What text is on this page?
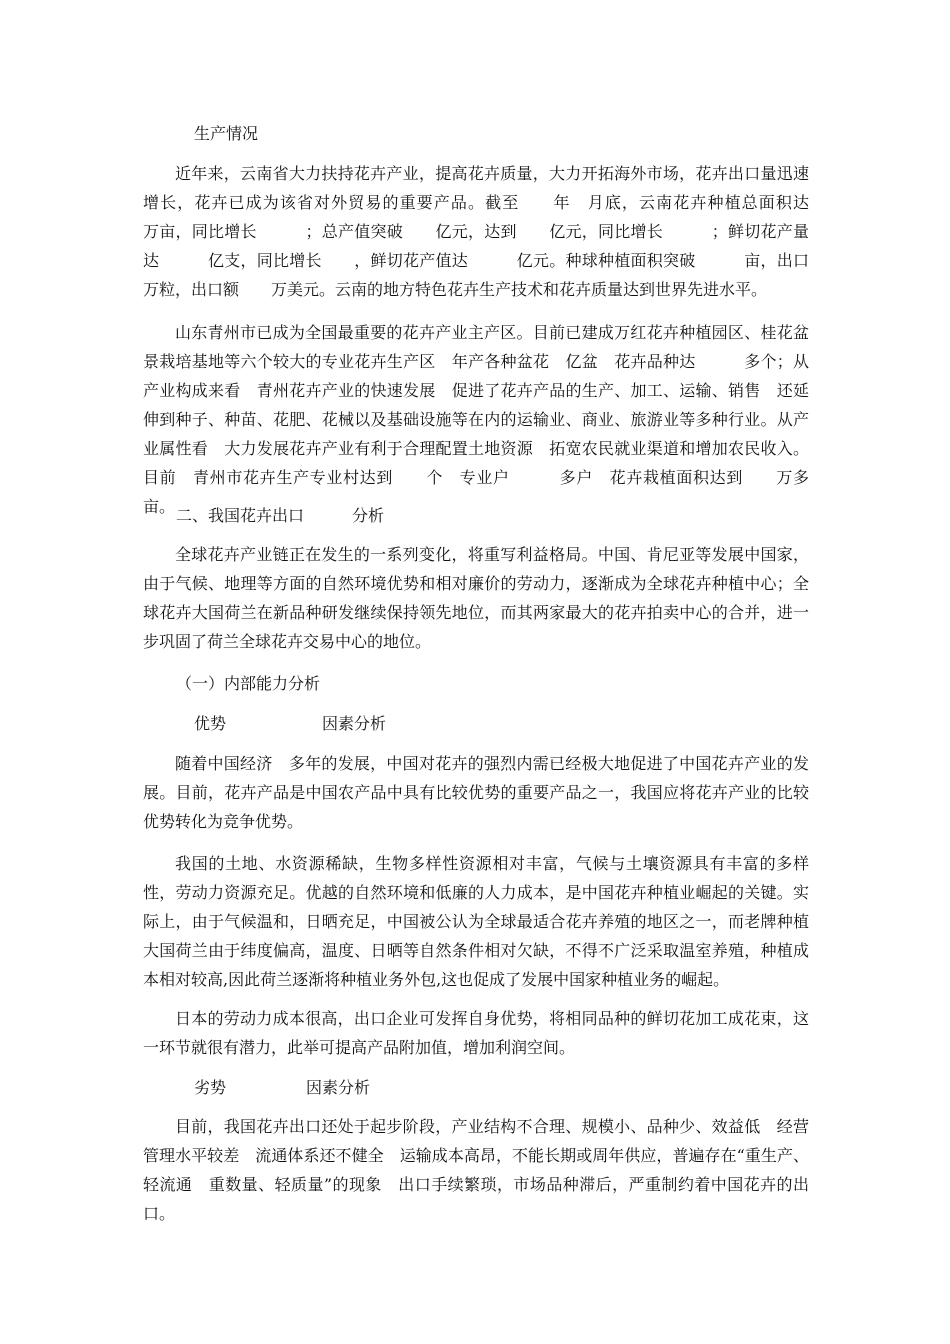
生产情况

近年来，云南省大力扶持花卉产业，提高花卉质量，大力开拓海外市场，花卉出口量迅速增长，花卉已成为该省对外贸易的重要产品。截至　　年　月底，云南花卉种植总面积达　　　万亩，同比增长　　　；总产值突破　　亿元，达到　　亿元，同比增长　　　；鲜切花产量达　　　亿支，同比增长　　，鲜切花产值达　　　亿元。种球种植面积突破　　　亩，出口　　万粒，出口额　　万美元。云南的地方特色花卉生产技术和花卉质量达到世界先进水平。

山东青州市已成为全国最重要的花卉产业主产区。目前已建成万红花卉种植园区、桂花盆景栽培基地等六个较大的专业花卉生产区　年产各种盆花　亿盆　花卉品种达　　　多个；从产业构成来看　青州花卉产业的快速发展　促进了花卉产品的生产、加工、运输、销售　还延伸到种子、种苗、花肥、花械以及基础设施等在内的运输业、商业、旅游业等多种行业。从产业属性看　大力发展花卉产业有利于合理配置土地资源　拓宽农民就业渠道和增加农民收入。目前　青州市花卉生产专业村达到　　个　专业户　　　多户　花卉栽植面积达到　　万多亩。 二、我国花卉出口　　　分析

全球花卉产业链正在发生的一系列变化，将重写利益格局。中国、肯尼亚等发展中国家，由于气候、地理等方面的自然环境优势和相对廉价的劳动力，逐渐成为全球花卉种植中心；全球花卉大国荷兰在新品种研发继续保持领先地位，而其两家最大的花卉拍卖中心的合并，进一步巩固了荷兰全球花卉交易中心的地位。

（一）内部能力分析

优势　　　　　　因素分析

随着中国经济　多年的发展，中国对花卉的强烈内需已经极大地促进了中国花卉产业的发展。目前，花卉产品是中国农产品中具有比较优势的重要产品之一，我国应将花卉产业的比较优势转化为竞争优势。

我国的土地、水资源稀缺，生物多样性资源相对丰富，气候与土壤资源具有丰富的多样性，劳动力资源充足。优越的自然环境和低廉的人力成本，是中国花卉种植业崛起的关键。实际上，由于气候温和，日晒充足，中国被公认为全球最适合花卉养殖的地区之一，而老牌种植大国荷兰由于纬度偏高，温度、日晒等自然条件相对欠缺，不得不广泛采取温室养殖，种植成本相对较高,因此荷兰逐渐将种植业务外包,这也促成了发展中国家种植业务的崛起。

日本的劳动力成本很高，出口企业可发挥自身优势，将相同品种的鲜切花加工成花束，这一环节就很有潜力，此举可提高产品附加值，增加利润空间。

劣势　　　　　因素分析

目前，我国花卉出口还处于起步阶段，产业结构不合理、规模小、品种少、效益低　经营管理水平较差　流通体系还不健全　运输成本高昂，不能长期或周年供应，普遍存在“重生产、轻流通　重数量、轻质量”的现象　出口手续繁琐，市场品种滞后，严重制约着中国花卉的出口。
